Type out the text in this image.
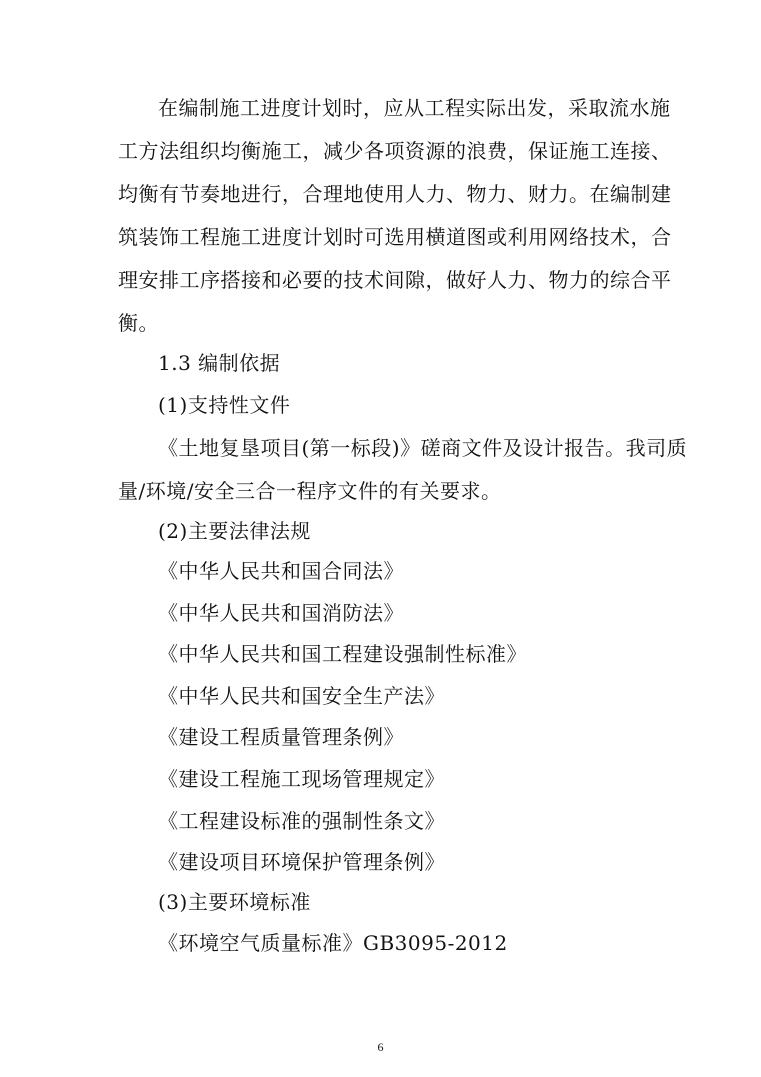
在编制施工进度计划时，应从工程实际出发，采取流水施
工方法组织均衡施工，减少各项资源的浪费，保证施工连接、
均衡有节奏地进行，合理地使用人力、物力、财力。在编制建
筑装饰工程施工进度计划时可选用横道图或利用网络技术，合
理安排工序搭接和必要的技术间隙，做好人力、物力的综合平
衡。
1.3 编制依据
(1)支持性文件
《土地复垦项目(第一标段)》磋商文件及设计报告。我司质
量/环境/安全三合一程序文件的有关要求。
(2)主要法律法规
《中华人民共和国合同法》
《中华人民共和国消防法》
《中华人民共和国工程建设强制性标准》
《中华人民共和国安全生产法》
《建设工程质量管理条例》
《建设工程施工现场管理规定》
《工程建设标准的强制性条文》
《建设项目环境保护管理条例》
(3)主要环境标准
《环境空气质量标准》GB3095-2012
6
